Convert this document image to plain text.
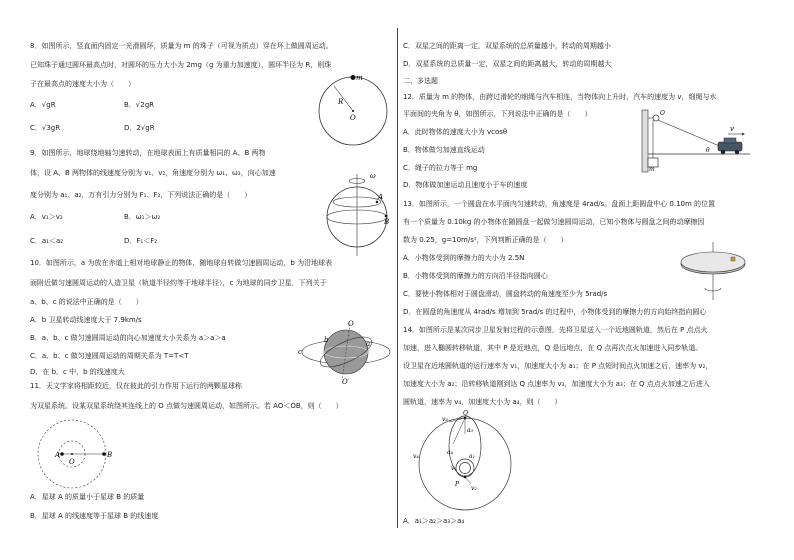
8．如图所示，竖直面内固定一光滑圆环，质量为 m 的珠子（可视为质点）穿在环上做圆周运动。
已知珠子通过圆环最高点时，对圆环的压力大小为 2mg（g 为重力加速度），圆环半径为 R，则珠
子在最高点的速度大小为（　　）
A．√gR	B．√2gR
C．√3gR	D．2√gR
m
R
O
9．如图所示，地球绕地轴匀速转动，在地球表面上有质量相同的 A、B 两物
体，设 A、B 两物体的线速度分别为 v₁、v₂，角速度分别为 ω₁、ω₂，向心加速
度分别为 a₁、a₂，万有引力分别为 F₁、F₂，下列说法正确的是（　　）
A．v₁＞v₂	B．ω₁＞ω₂
C．a₁＜a₂	D．F₁＜F₂
ω
A
B
10．如图所示，a 为放在赤道上相对地球静止的物体，随地球自转做匀速圆周运动，b 为沿地球表
面附近做匀速圆周运动的人造卫星（轨道半径约等于地球半径），c 为地球的同步卫星．下列关于
a、b、c 的说法中正确的是（　　）
A．b 卫星转动线速度大于 7.9km/s
B．a、b、c 做匀速圆周运动的向心加速度大小关系为 a＞a＞a
C．a、b、c 做匀速圆周运动的周期关系为 T=T<T
D．在 b、c 中，b 的线速度大
O
O′
c
b	a
11．天文学家将相距较近，仅在彼此的引力作用下运行的两颗星球称
为双星系统。设某双星系统绕其连线上的 O 点做匀速圆周运动，如图所示。若 AO＜OB，则（　　）
A
O
B
A．星球 A 的质量小于星球 B 的质量
B．星球 A 的线速度等于星球 B 的线速度
C．双星之间的距离一定，双星系统的总质量越小，转动的周期越小
D．双星系统的总质量一定，双星之间的距离越大，转动的周期越大
二、多选题
12．质量为 m 的物体，由跨过滑轮的细绳与汽车相连，当物体向上升时，汽车的速度为 v，细绳与水
平面间的夹角为 θ，如图所示，下列说法中正确的是（　　）
A．此时物体的速度大小为 vcosθ
B．物体做匀加速直线运动
C．绳子的拉力等于 mg
D．物体做加速运动且速度小于车的速度
O
m
v
θ
13．如图所示，一个圆盘在水平面内匀速转动，角速度是 4rad/s。盘面上距圆盘中心 0.10m 的位置
有一个质量为 0.10kg 的小物体在随圆盘一起做匀速圆周运动，已知小物体与圆盘之间的动摩擦因
数为 0.25，g=10m/s²，下列判断正确的是（　　）
A．小物体受到的摩擦力的大小为 2.5N
B．小物体受到的摩擦力的方向沿半径指向圆心
C．要使小物体相对于圆盘滑动，圆盘转动的角速度至少为 5rad/s
D．在圆盘的角速度从 4rad/s 增加到 5rad/s 的过程中，小物体受到的摩擦力的方向始终指向圆心
14．如图所示是某次同步卫星发射过程的示意图，先将卫星送入一个近地圆轨道，然后在 P 点点火
加速，进入椭圆转移轨道，其中 P 是近地点，Q 是远地点，在 Q 点再次点火加速进入同步轨道。
设卫星在近地圆轨道的运行速率为 v₁，加速度大小为 a₁；在 P 点短时间点火加速之后，速率为 v₂，
加速度大小为 a₂；沿转移轨道刚到达 Q 点速率为 v₃，加速度大小为 a₃；在 Q 点点火加速之后进入
圆轨道，速率为 v₄，加速度大小为 a₄，则（　　）
Q
P
v₃
a₃
a₄
v₄	a₁
v₁
v₂
A．a₁＞a₂＞a₃＞a₄
